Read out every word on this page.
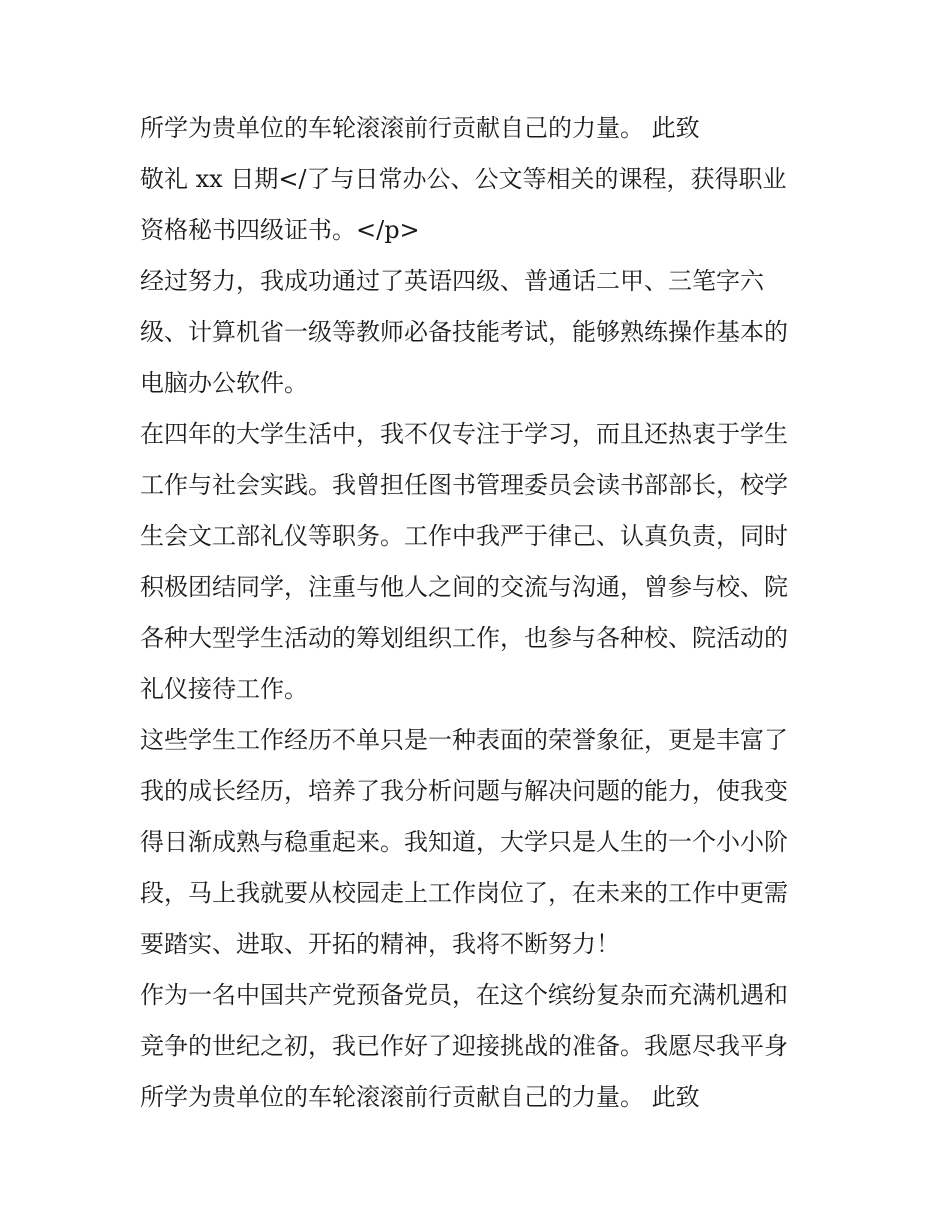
所学为贵单位的车轮滚滚前行贡献自己的力量。 此致

敬礼 xx 日期</了与日常办公、公文等相关的课程，获得职业
资格秘书四级证书。</p>

经过努力，我成功通过了英语四级、普通话二甲、三笔字六
级、计算机省一级等教师必备技能考试，能够熟练操作基本的
电脑办公软件。

在四年的大学生活中，我不仅专注于学习，而且还热衷于学生
工作与社会实践。我曾担任图书管理委员会读书部部长，校学
生会文工部礼仪等职务。工作中我严于律己、认真负责，同时
积极团结同学，注重与他人之间的交流与沟通，曾参与校、院
各种大型学生活动的筹划组织工作，也参与各种校、院活动的
礼仪接待工作。

这些学生工作经历不单只是一种表面的荣誉象征，更是丰富了
我的成长经历，培养了我分析问题与解决问题的能力，使我变
得日渐成熟与稳重起来。我知道，大学只是人生的一个小小阶
段，马上我就要从校园走上工作岗位了，在未来的工作中更需
要踏实、进取、开拓的精神，我将不断努力！

作为一名中国共产党预备党员，在这个缤纷复杂而充满机遇和
竞争的世纪之初，我已作好了迎接挑战的准备。我愿尽我平身
所学为贵单位的车轮滚滚前行贡献自己的力量。 此致
